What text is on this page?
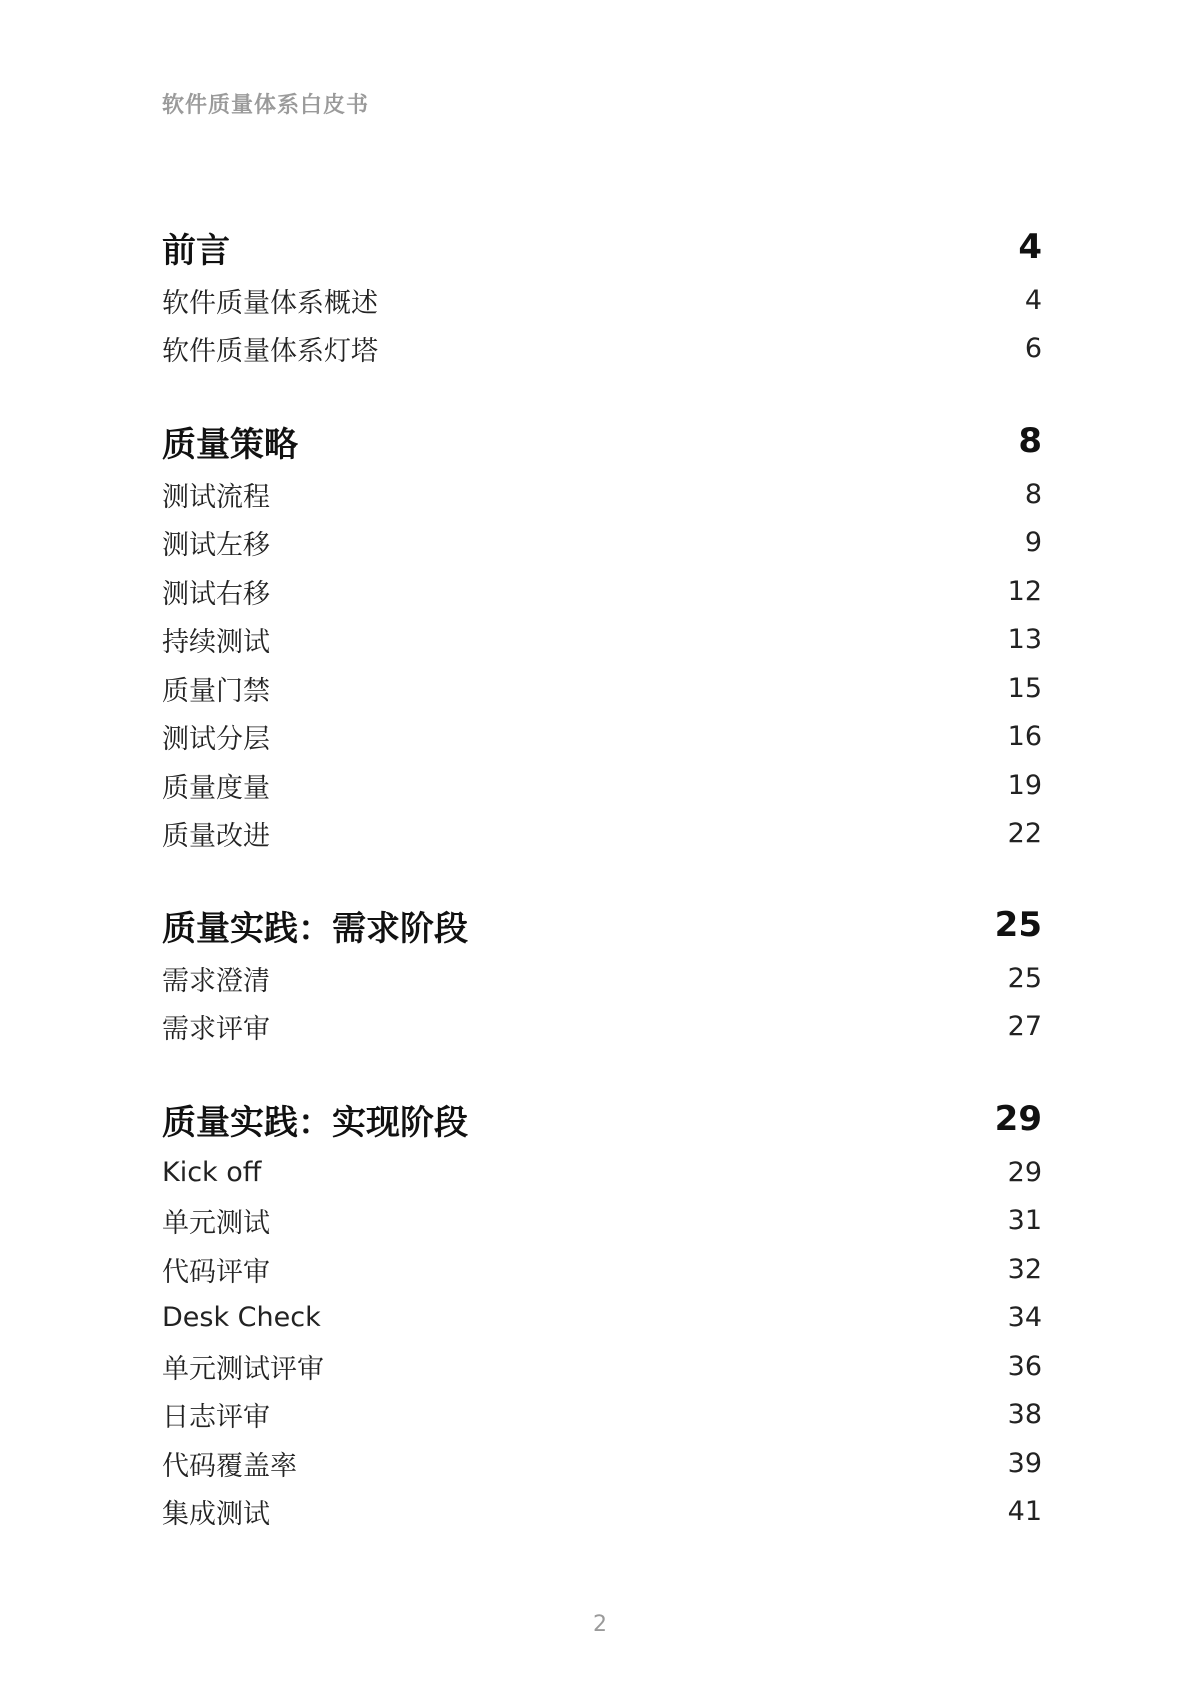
软件质量体系白皮书
前言	4
软件质量体系概述	4
软件质量体系灯塔	6
质量策略	8
测试流程	8
测试左移	9
测试右移	12
持续测试	13
质量门禁	15
测试分层	16
质量度量	19
质量改进	22
质量实践：需求阶段	25
需求澄清	25
需求评审	27
质量实践：实现阶段	29
Kick off	29
单元测试	31
代码评审	32
Desk Check	34
单元测试评审	36
日志评审	38
代码覆盖率	39
集成测试	41
2
